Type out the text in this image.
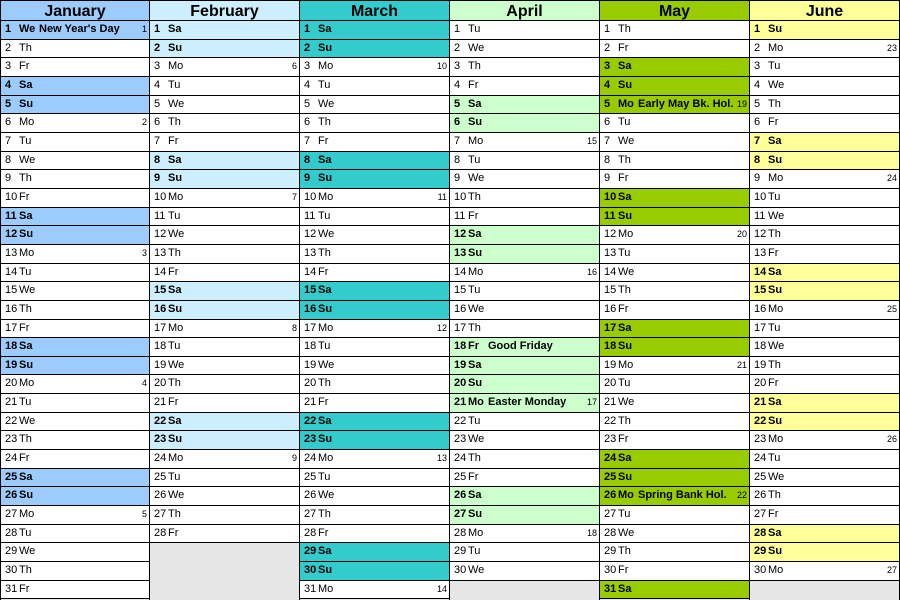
January
1 We New Year's Day 1
2 Th
3 Fr
4 Sa
5 Su
6 Mo	2
7 Tu
8 We
9 Th
10 Fr
11 Sa
12 Su
13 Mo	3
14 Tu
15 We
16 Th
17 Fr
18 Sa
19 Su
20 Mo	4
21 Tu
22 We
23 Th
24 Fr
25 Sa
26 Su
27 Mo	5
28 Tu
29 We
30 Th
31 Fr
February
1 Sa
2 Su
3 Mo	6
4 Tu
5 We
6 Th
7 Fr
8 Sa
9 Su
10 Mo	7
11 Tu
12 We
13 Th
14 Fr
15 Sa
16 Su
17 Mo	8
18 Tu
19 We
20 Th
21 Fr
22 Sa
23 Su
24 Mo	9
25 Tu
26 We
27 Th
28 Fr
March
1 Sa
2 Su
3 Mo	10
4 Tu
5 We
6 Th
7 Fr
8 Sa
9 Su
10 Mo	11
11 Tu
12 We
13 Th
14 Fr
15 Sa
16 Su
17 Mo	12
18 Tu
19 We
20 Th
21 Fr
22 Sa
23 Su
24 Mo	13
25 Tu
26 We
27 Th
28 Fr
29 Sa
30 Su
31 Mo	14
April
1 Tu
2 We
3 Th
4 Fr
5 Sa
6 Su
7 Mo	15
8 Tu
9 We
10 Th
11 Fr
12 Sa
13 Su
14 Mo	16
15 Tu
16 We
17 Th
18 Fr Good Friday
19 Sa
20 Su
21 Mo Easter Monday 17
22 Tu
23 We
24 Th
25 Fr
26 Sa
27 Su
28 Mo	18
29 Tu
30 We
May
1 Th
2 Fr
3 Sa
4 Su
5 Mo Early May Bk. Hol. 19
6 Tu
7 We
8 Th
9 Fr
10 Sa
11 Su
12 Mo	20
13 Tu
14 We
15 Th
16 Fr
17 Sa
18 Su
19 Mo	21
20 Tu
21 We
22 Th
23 Fr
24 Sa
25 Su
26 Mo Spring Bank Hol. 22
27 Tu
28 We
29 Th
30 Fr
31 Sa
June
1 Su
2 Mo	23
3 Tu
4 We
5 Th
6 Fr
7 Sa
8 Su
9 Mo	24
10 Tu
11 We
12 Th
13 Fr
14 Sa
15 Su
16 Mo	25
17 Tu
18 We
19 Th
20 Fr
21 Sa
22 Su
23 Mo	26
24 Tu
25 We
26 Th
27 Fr
28 Sa
29 Su
30 Mo	27
